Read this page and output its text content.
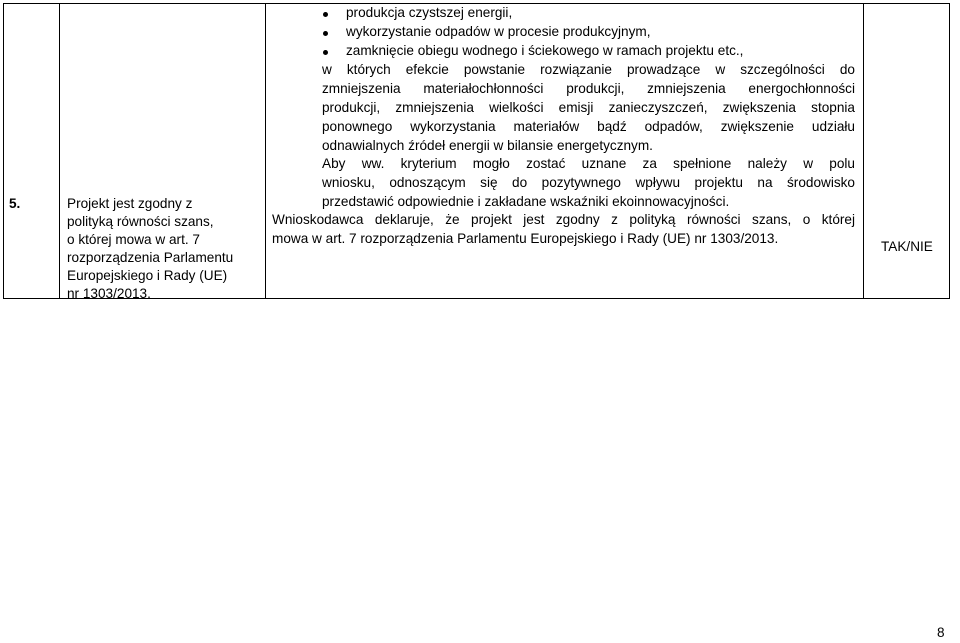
5.	Projekt jest zgodny z
polityką równości szans,
o której mowa w art. 7
rozporządzenia Parlamentu
Europejskiego i Rady (UE)
nr 1303/2013.
produkcja czystszej energii,
wykorzystanie odpadów w procesie produkcyjnym,
zamknięcie obiegu wodnego i ściekowego w ramach projektu etc.,
w których efekcie powstanie rozwiązanie prowadzące w szczególności do
zmniejszenia materiałochłonności produkcji, zmniejszenia energochłonności
produkcji, zmniejszenia wielkości emisji zanieczyszczeń, zwiększenia stopnia
ponownego wykorzystania materiałów bądź odpadów, zwiększenie udziału
odnawialnych źródeł energii w bilansie energetycznym.
Aby ww. kryterium mogło zostać uznane za spełnione należy w polu
wniosku, odnoszącym się do pozytywnego wpływu projektu na środowisko
przedstawić odpowiednie i zakładane wskaźniki ekoinnowacyjności.
Wnioskodawca deklaruje, że projekt jest zgodny z polityką równości szans, o której
mowa w art. 7 rozporządzenia Parlamentu Europejskiego i Rady (UE) nr 1303/2013.
TAK/NIE
8
